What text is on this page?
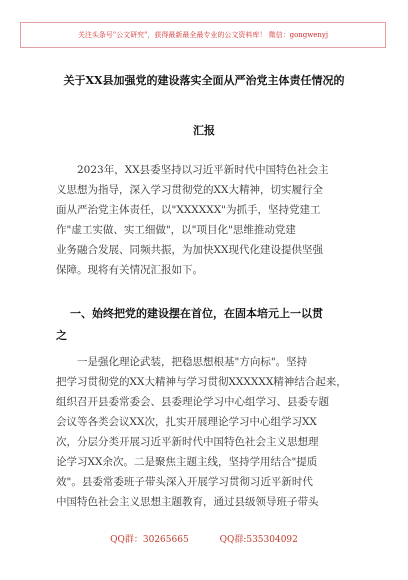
关注头条号"公文研究"，获得最新最全最专业的公文资料库！ 微信：gongwenyj
关于XX县加强党的建设落实全面从严治党主体责任情况的
汇报
2023年，XX县委坚持以习近平新时代中国特色社会主
义思想为指导，深入学习贯彻党的XX大精神，切实履行全
面从严治党主体责任，以"XXXXXX"为抓手，坚持党建工
作"虚工实做、实工细做"，以"项目化"思维推动党建
业务融合发展、同频共振，为加快XX现代化建设提供坚强
保障。现将有关情况汇报如下。
一、始终把党的建设摆在首位，在固本培元上一以贯
之
一是强化理论武装，把稳思想根基"方向标"。坚持
把学习贯彻党的XX大精神与学习贯彻XXXXXX精神结合起来，
组织召开县委常委会、县委理论学习中心组学习、县委专题
会议等各类会议XX次，扎实开展理论学习中心组学习XX
次，分层分类开展习近平新时代中国特色社会主义思想理
论学习XX余次。二是聚焦主题主线，坚持学用结合"提质
效"。县委常委班子带头深入开展学习贯彻习近平新时代
中国特色社会主义思想主题教育，通过县级领导班子带头
QQ群：30265665	QQ群:535304092
